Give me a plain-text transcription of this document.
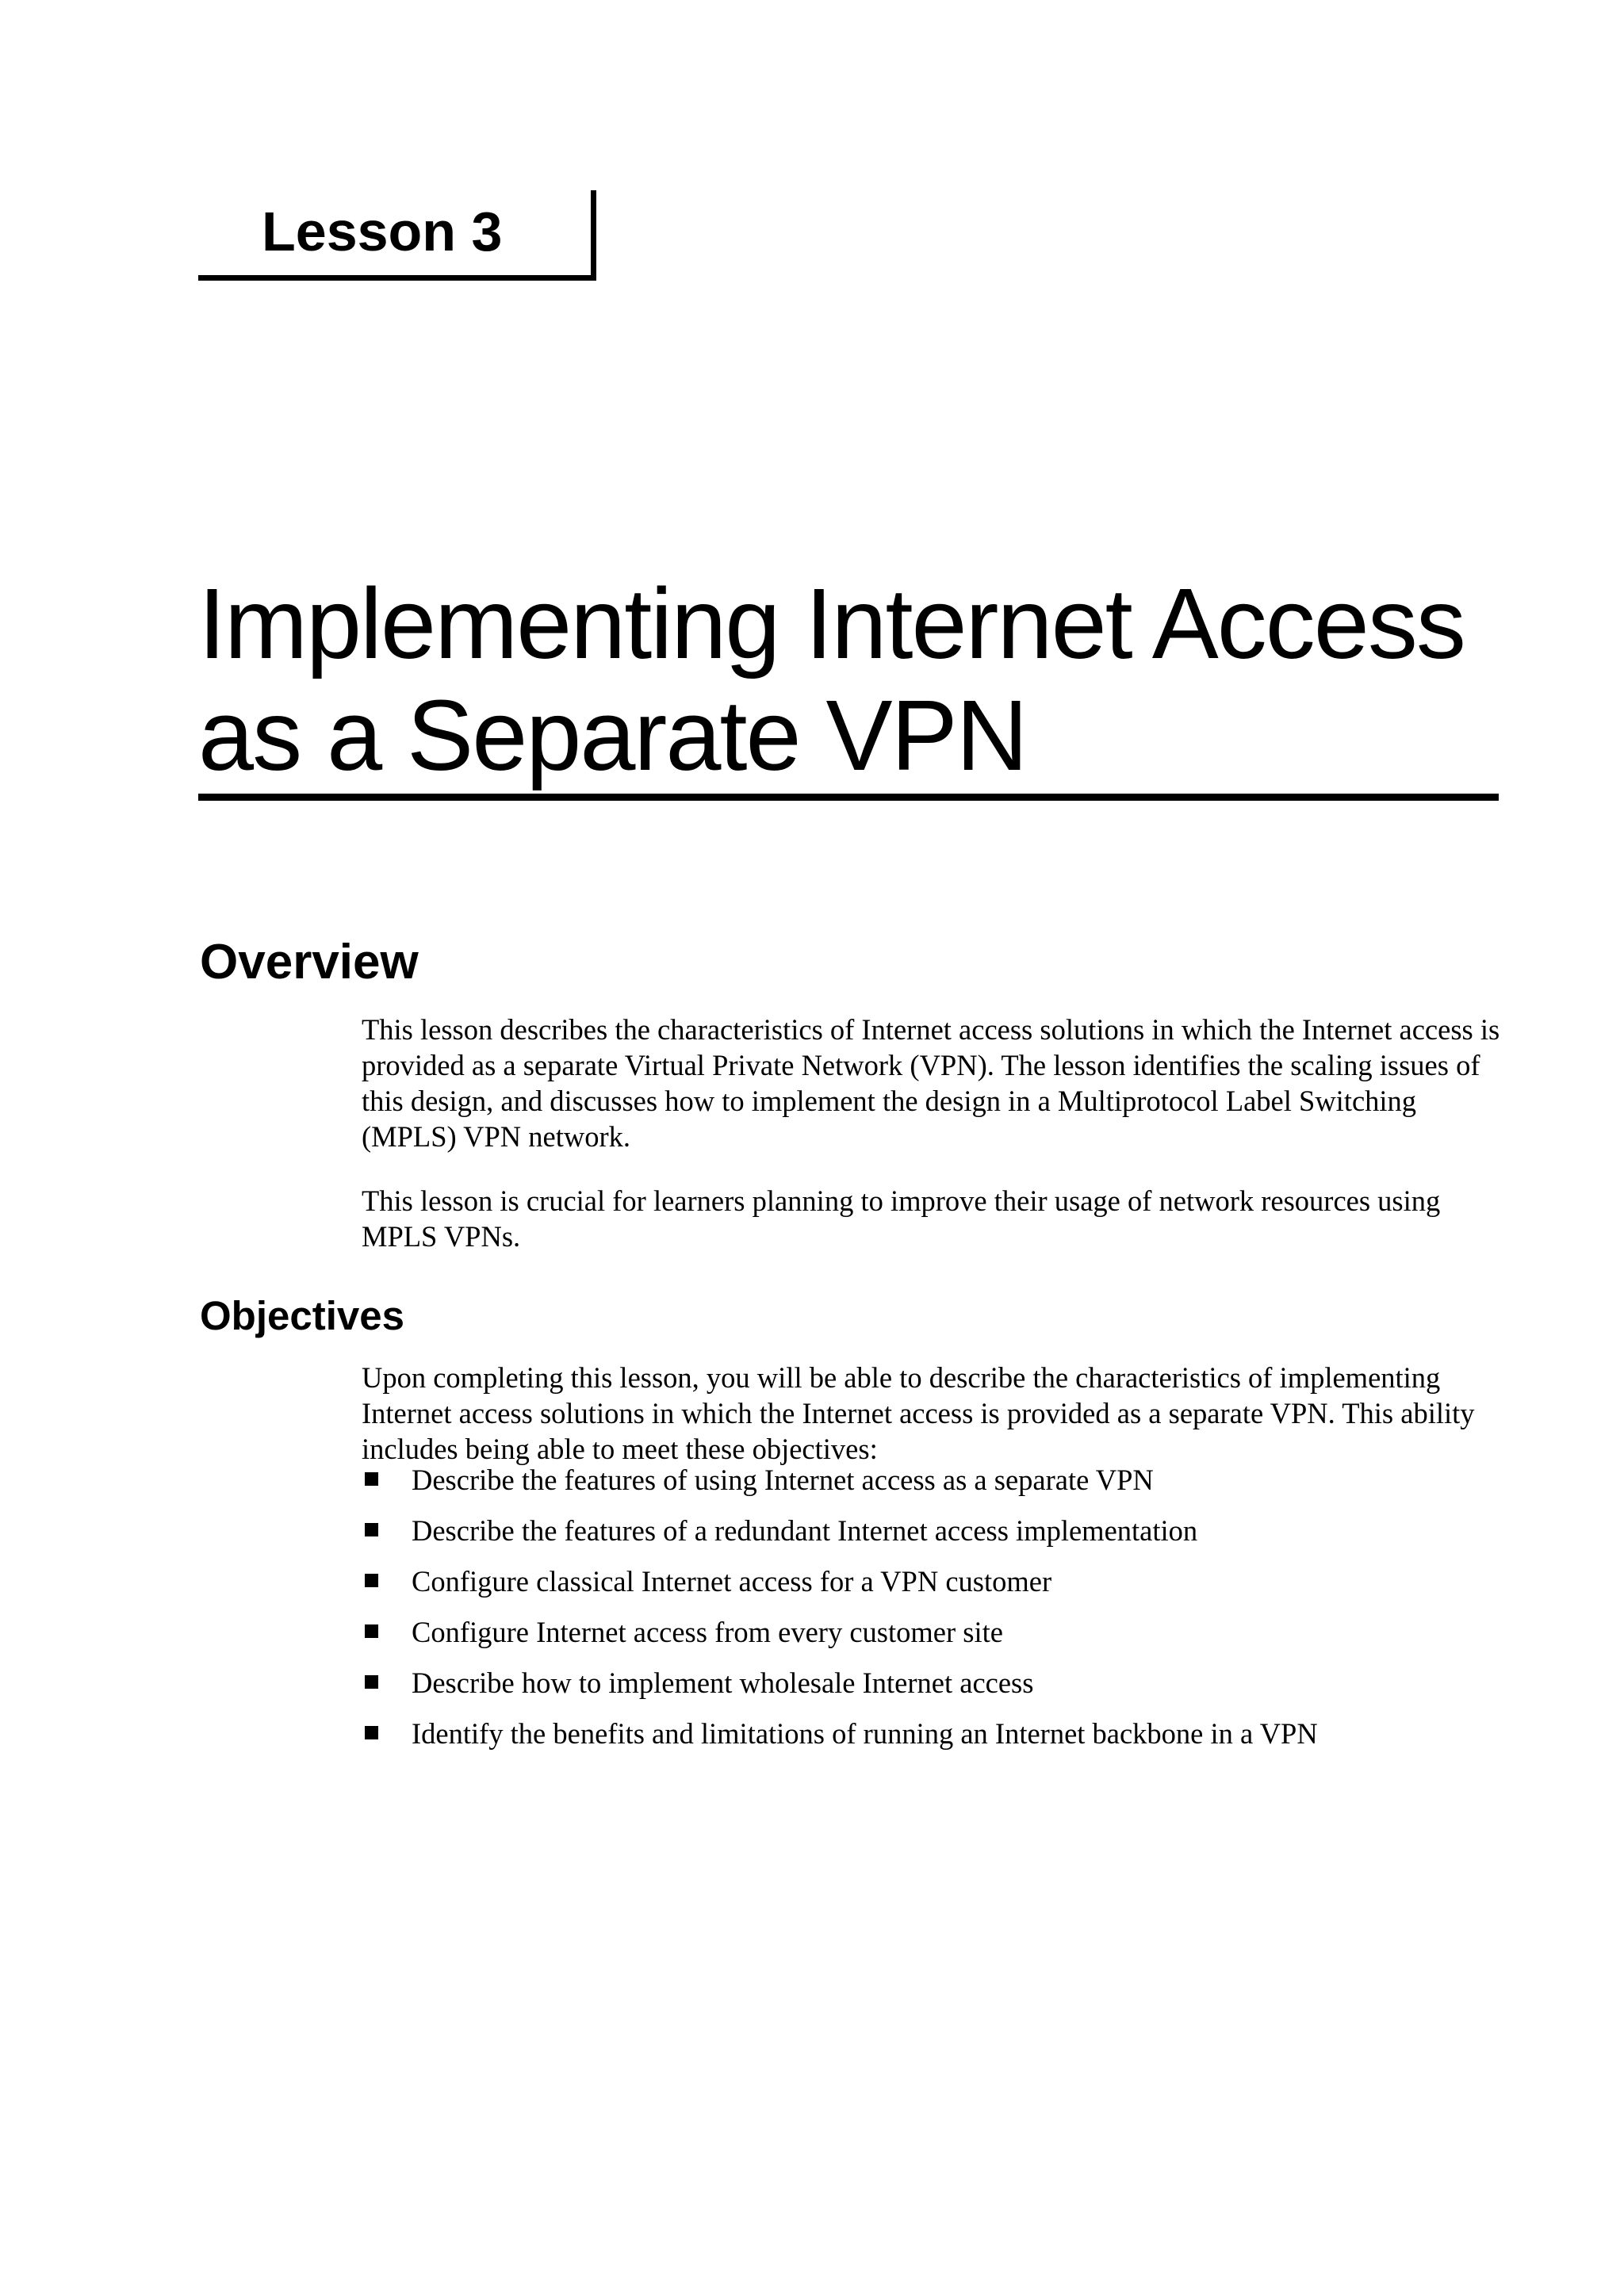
Lesson 3
Implementing Internet Access as a Separate VPN
Overview

This lesson describes the characteristics of Internet access solutions in which the Internet access is provided as a separate Virtual Private Network (VPN). The lesson identifies the scaling issues of this design, and discusses how to implement the design in a Multiprotocol Label Switching (MPLS) VPN network.

This lesson is crucial for learners planning to improve their usage of network resources using MPLS VPNs.

Objectives

Upon completing this lesson, you will be able to describe the characteristics of implementing Internet access solutions in which the Internet access is provided as a separate VPN. This ability includes being able to meet these objectives:

Describe the features of using Internet access as a separate VPN
Describe the features of a redundant Internet access implementation
Configure classical Internet access for a VPN customer
Configure Internet access from every customer site
Describe how to implement wholesale Internet access
Identify the benefits and limitations of running an Internet backbone in a VPN
